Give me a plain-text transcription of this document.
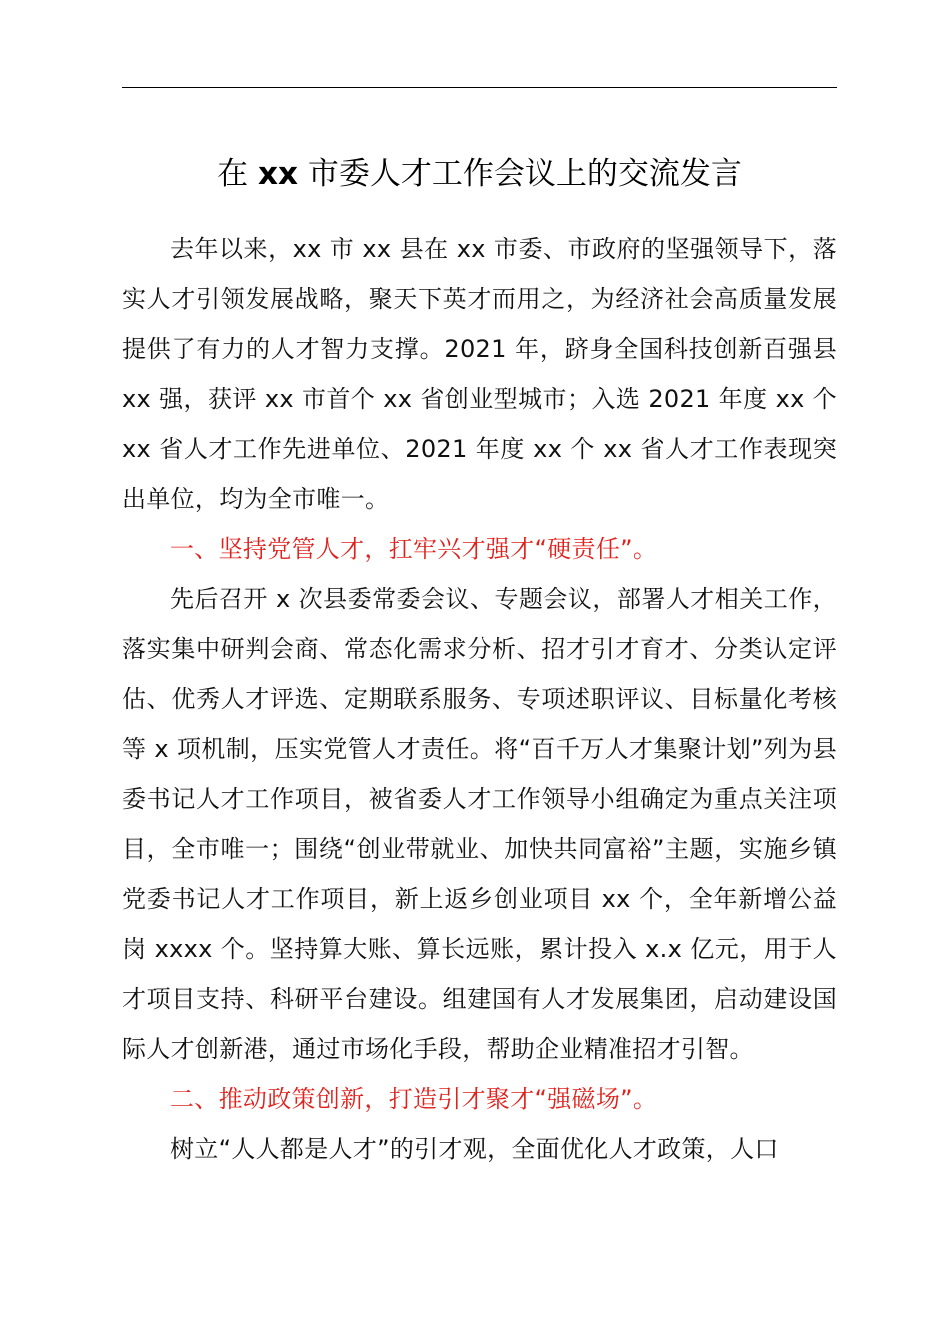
在 xx 市委人才工作会议上的交流发言

去年以来，xx 市 xx 县在 xx 市委、市政府的坚强领导下，落实人才引领发展战略，聚天下英才而用之，为经济社会高质量发展提供了有力的人才智力支撑。2021 年，跻身全国科技创新百强县 xx 强，获评 xx 市首个 xx 省创业型城市；入选 2021 年度 xx 个 xx 省人才工作先进单位、2021 年度 xx 个 xx 省人才工作表现突出单位，均为全市唯一。

一、坚持党管人才，扛牢兴才强才“硬责任”。

先后召开 x 次县委常委会议、专题会议，部署人才相关工作，落实集中研判会商、常态化需求分析、招才引才育才、分类认定评估、优秀人才评选、定期联系服务、专项述职评议、目标量化考核等 x 项机制，压实党管人才责任。将“百千万人才集聚计划”列为县委书记人才工作项目，被省委人才工作领导小组确定为重点关注项目，全市唯一；围绕“创业带就业、加快共同富裕”主题，实施乡镇党委书记人才工作项目，新上返乡创业项目 xx 个，全年新增公益岗 xxxx 个。坚持算大账、算长远账，累计投入 x.x 亿元，用于人才项目支持、科研平台建设。组建国有人才发展集团，启动建设国际人才创新港，通过市场化手段，帮助企业精准招才引智。

二、推动政策创新，打造引才聚才“强磁场”。

树立“人人都是人才”的引才观，全面优化人才政策，人口
